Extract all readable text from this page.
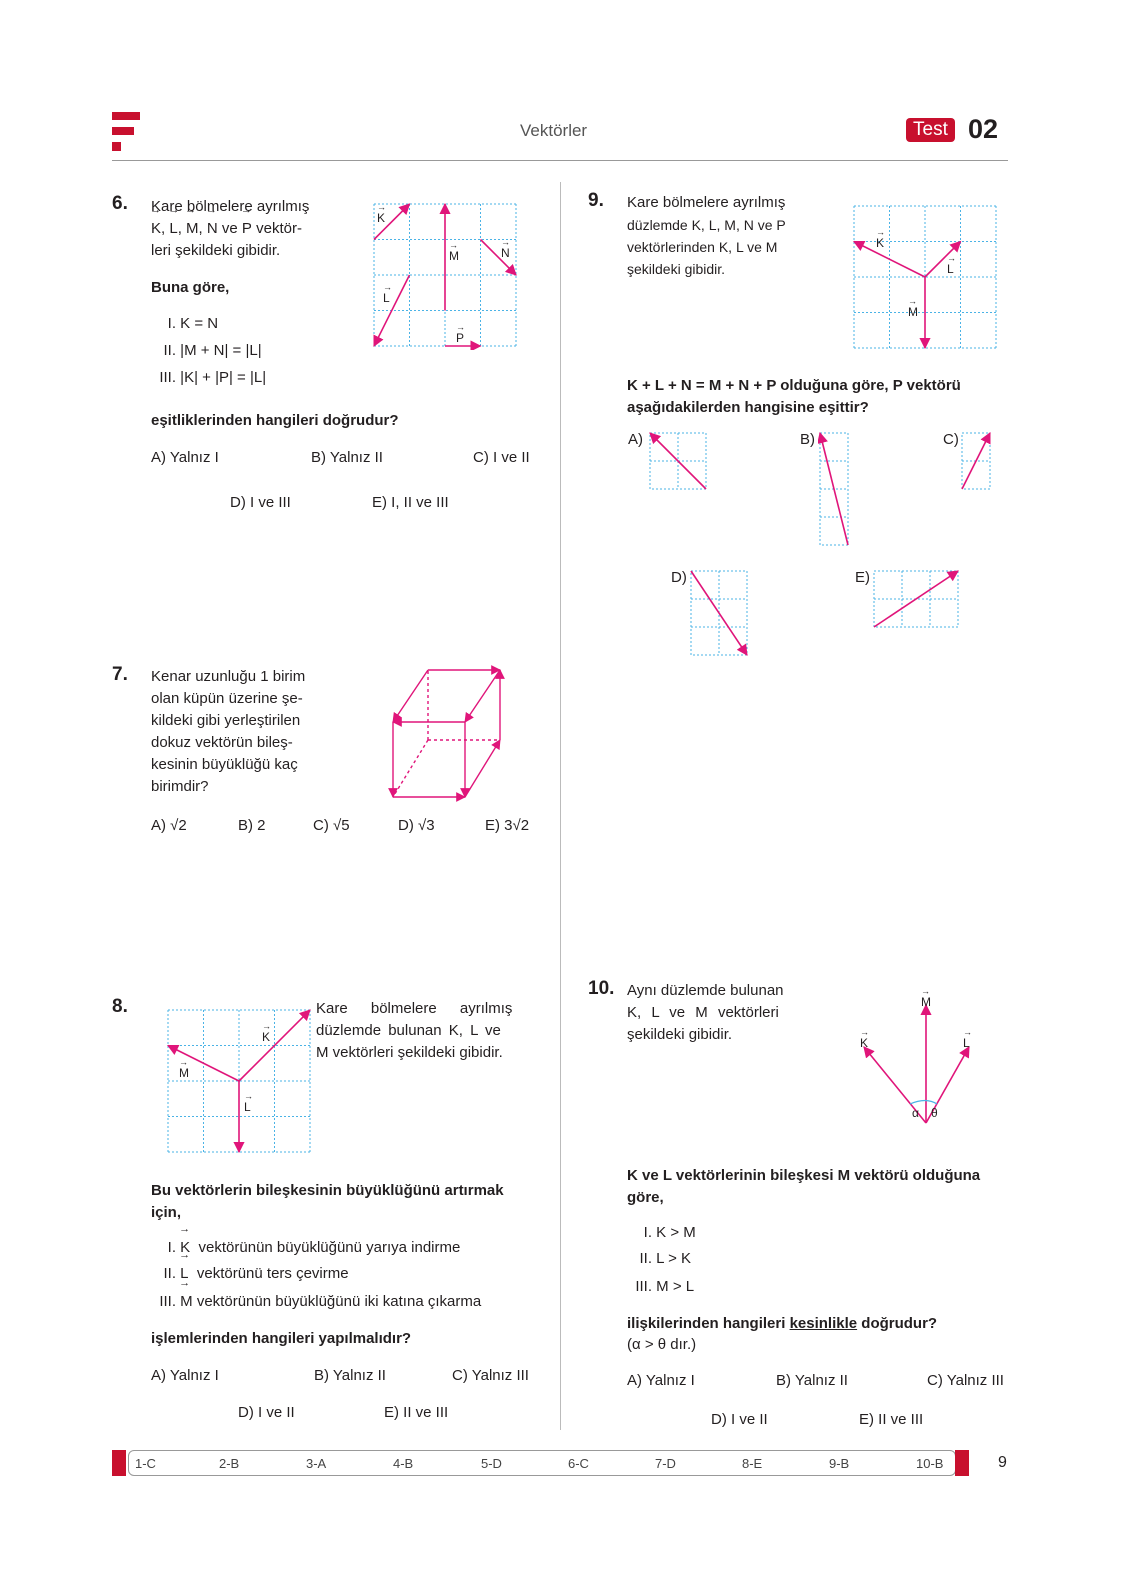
Vektörler	Test 02
6. Kare bölmelere ayrılmış
→ K, → L, → M, → N ve → P vektör-
leri şekildeki gibidir.
Buna göre,
I. K = N
II. |M + N| = |L|
III. |K| + |P| = |L|
eşitliklerinden hangileri doğrudur?
A) Yalnız I	B) Yalnız II	C) I ve II
D) I ve III	E) I, II ve III
K
M	N
L
P
→
→	→
→
→
7. Kenar uzunluğu 1 birim
olan küpün üzerine şe-
kildeki gibi yerleştirilen
dokuz vektörün bileş-
kesinin büyüklüğü kaç
birimdir?
A) √2	B) 2	C) √5	D) √3	E) 3√2
8.
K
M
L
→
→
→
Kare bölmelere ayrılmış
düzlemde bulunan K, L ve
M vektörleri şekildeki gibidir.
Bu vektörlerin bileşkesinin büyüklüğünü artırmak
için,
I. → K vektörünün büyüklüğünü yarıya indirme
II. → L vektörünü ters çevirme
III. → M vektörünün büyüklüğünü iki katına çıkarma
işlemlerinden hangileri yapılmalıdır?
A) Yalnız I	B) Yalnız II	C) Yalnız III
D) I ve II	E) II ve III
9. Kare bölmelere ayrılmış
düzlemde K, L, M, N ve P
vektörlerinden K, L ve M
şekildeki gibidir.
K
L
M
→
→
→
K + L + N = M + N + P olduğuna göre, P vektörü
aşağıdakilerden hangisine eşittir?
A)	B)	C)
D)	E)
10. Aynı düzlemde bulunan
K, L ve M vektörleri
şekildeki gibidir.
M
K	L
α θ
→
→	→
K ve L vektörlerinin bileşkesi M vektörü olduğuna
göre,
I. K > M
II. L > K
III. M > L
ilişkilerinden hangileri kesinlikle doğrudur?
(α > θ dır.)
A) Yalnız I	B) Yalnız II	C) Yalnız III
D) I ve II	E) II ve III
1-C	2-B	3-A	4-B	5-D	6-C	7-D	8-E	9-B	10-B	9
